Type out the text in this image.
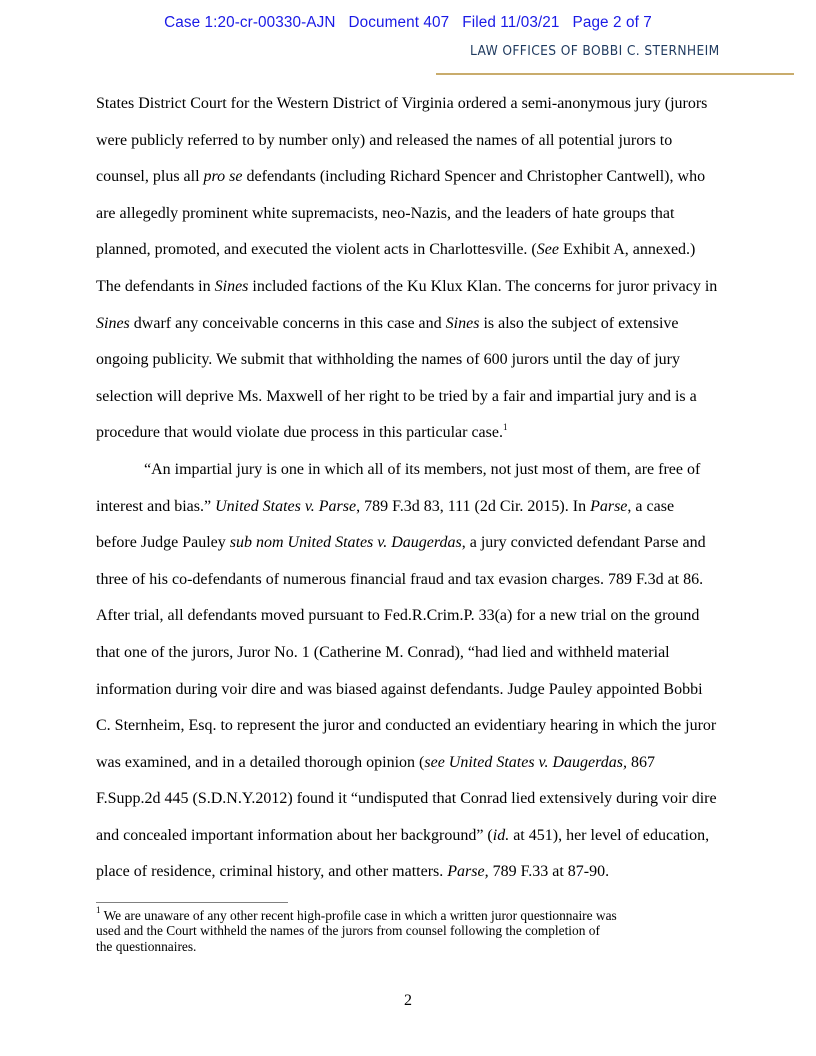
Case 1:20-cr-00330-AJN   Document 407   Filed 11/03/21   Page 2 of 7
LAW OFFICES OF BOBBI C. STERNHEIM
States District Court for the Western District of Virginia ordered a semi-anonymous jury (jurors
were publicly referred to by number only) and released the names of all potential jurors to
counsel, plus all pro se defendants (including Richard Spencer and Christopher Cantwell), who
are allegedly prominent white supremacists, neo-Nazis, and the leaders of hate groups that
planned, promoted, and executed the violent acts in Charlottesville. (See Exhibit A, annexed.)
The defendants in Sines included factions of the Ku Klux Klan. The concerns for juror privacy in
Sines dwarf any conceivable concerns in this case and Sines is also the subject of extensive
ongoing publicity. We submit that withholding the names of 600 jurors until the day of jury
selection will deprive Ms. Maxwell of her right to be tried by a fair and impartial jury and is a
procedure that would violate due process in this particular case.$^1$
“An impartial jury is one in which all of its members, not just most of them, are free of
interest and bias.” United States v. Parse, 789 F.3d 83, 111 (2d Cir. 2015). In Parse, a case
before Judge Pauley sub nom United States v. Daugerdas, a jury convicted defendant Parse and
three of his co-defendants of numerous financial fraud and tax evasion charges. 789 F.3d at 86.
After trial, all defendants moved pursuant to Fed.R.Crim.P. 33(a) for a new trial on the ground
that one of the jurors, Juror No. 1 (Catherine M. Conrad), “had lied and withheld material
information during voir dire and was biased against defendants. Judge Pauley appointed Bobbi
C. Sternheim, Esq. to represent the juror and conducted an evidentiary hearing in which the juror
was examined, and in a detailed thorough opinion (see United States v. Daugerdas, 867
F.Supp.2d 445 (S.D.N.Y.2012) found it “undisputed that Conrad lied extensively during voir dire
and concealed important information about her background” (id. at 451), her level of education,
place of residence, criminal history, and other matters. Parse, 789 F.33 at 87-90.
$^1$ We are unaware of any other recent high-profile case in which a written juror questionnaire was
used and the Court withheld the names of the jurors from counsel following the completion of
the questionnaires.
2
